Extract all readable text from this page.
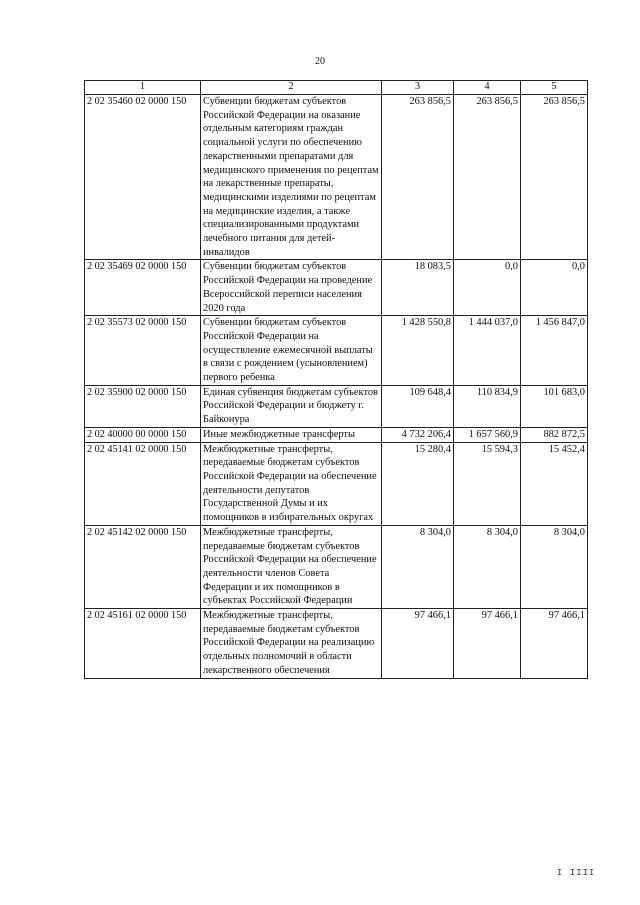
20
1	2	3	4	5
2 02 35460 02 0000 150	Субвенции бюджетам субъектов Российской Федерации на оказание отдельным категориям граждан социальной услуги по обеспечению лекарственными препаратами для медицинского применения по рецептам на лекарственные препараты, медицинскими изделиями по рецептам на медицинские изделия, а также специализированными продуктами лечебного питания для детей-инвалидов	263 856,5	263 856,5	263 856,5
2 02 35469 02 0000 150	Субвенции бюджетам субъектов Российской Федерации на проведение Всероссийской переписи населения 2020 года	18 083,5	0,0	0,0
2 02 35573 02 0000 150	Субвенции бюджетам субъектов Российской Федерации на осуществление ежемесячной выплаты в связи с рождением (усыновлением) первого ребенка	1 428 550,8	1 444 037,0	1 456 847,0
2 02 35900 02 0000 150	Единая субвенция бюджетам субъектов Российской Федерации и бюджету г. Байконура	109 648,4	110 834,9	101 683,0
2 02 40000 00 0000 150	Иные межбюджетные трансферты	4 732 206,4	1 657 560,9	882 872,5
2 02 45141 02 0000 150	Межбюджетные трансферты, передаваемые бюджетам субъектов Российской Федерации на обеспечение деятельности депутатов Государственной Думы и их помощников в избирательных округах	15 280,4	15 594,3	15 452,4
2 02 45142 02 0000 150	Межбюджетные трансферты, передаваемые бюджетам субъектов Российской Федерации на обеспечение деятельности членов Совета Федерации и их помощников в субъектах Российской Федерации	8 304,0	8 304,0	8 304,0
2 02 45161 02 0000 150	Межбюджетные трансферты, передаваемые бюджетам субъектов Российской Федерации на реализацию отдельных полномочий в области лекарственного обеспечения	97 466,1	97 466,1	97 466,1
I IIII
